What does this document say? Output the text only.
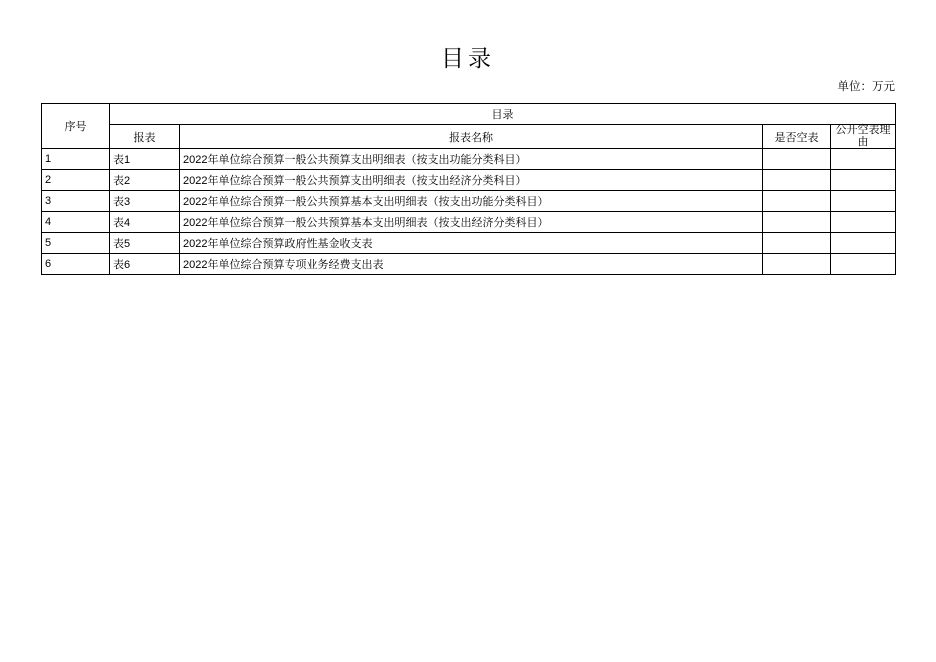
目录
单位：万元
序号	目录			
	报表	报表名称	是否空表	公开空表理由
1	表1	2022年单位综合预算一般公共预算支出明细表（按支出功能分类科目）		
2	表2	2022年单位综合预算一般公共预算支出明细表（按支出经济分类科目）		
3	表3	2022年单位综合预算一般公共预算基本支出明细表（按支出功能分类科目）		
4	表4	2022年单位综合预算一般公共预算基本支出明细表（按支出经济分类科目）		
5	表5	2022年单位综合预算政府性基金收支表		
6	表6	2022年单位综合预算专项业务经费支出表		
